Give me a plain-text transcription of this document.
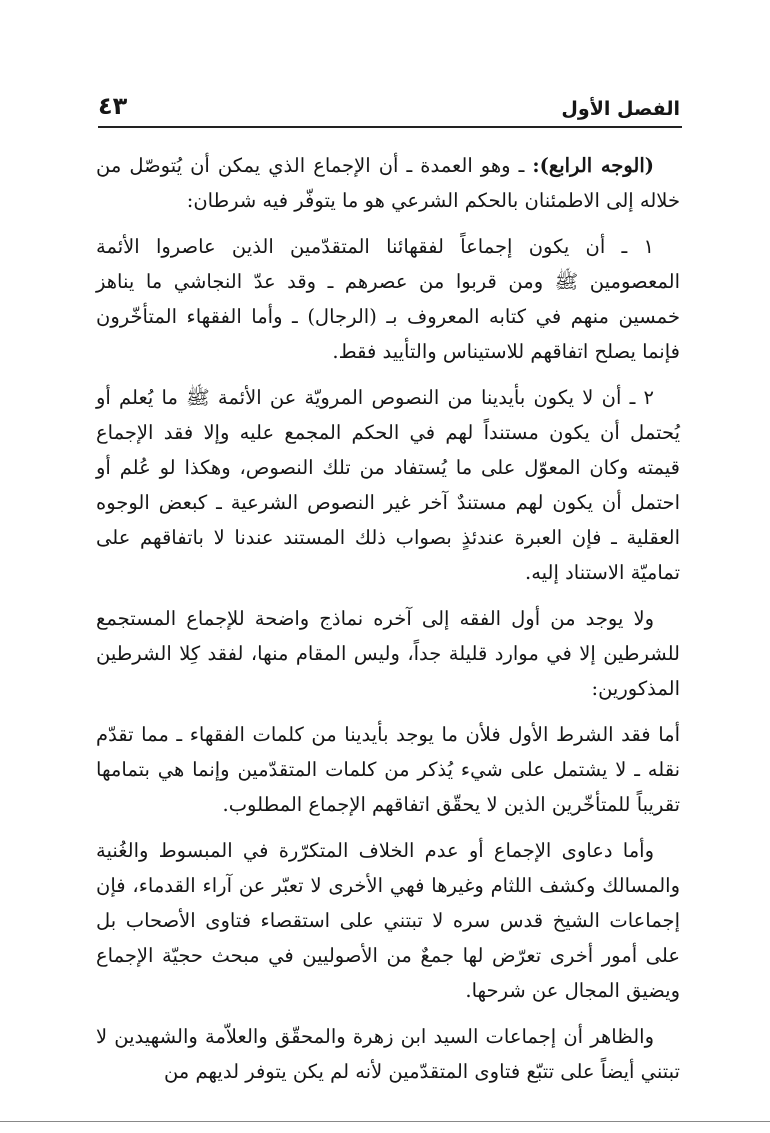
الفصل الأول
٤٣

(الوجه الرابع): ـ وهو العمدة ـ أن الإجماع الذي يمكن أن يُتوصّل من خلاله إلى الاطمئنان بالحكم الشرعي هو ما يتوفّر فيه شرطان:

١ ـ أن يكون إجماعاً لفقهائنا المتقدّمين الذين عاصروا الأئمة المعصومين ﷺ ومن قربوا من عصرهم ـ وقد عدّ النجاشي ما يناهز خمسين منهم في كتابه المعروف بـ (الرجال) ـ وأما الفقهاء المتأخّرون فإنما يصلح اتفاقهم للاستيناس والتأييد فقط.

٢ ـ أن لا يكون بأيدينا من النصوص المرويّة عن الأئمة ﷺ ما يُعلم أو يُحتمل أن يكون مستنداً لهم في الحكم المجمع عليه وإلا فقد الإجماع قيمته وكان المعوّل على ما يُستفاد من تلك النصوص، وهكذا لو عُلم أو احتمل أن يكون لهم مستندٌ آخر غير النصوص الشرعية ـ كبعض الوجوه العقلية ـ فإن العبرة عندئذٍ بصواب ذلك المستند عندنا لا باتفاقهم على تماميّة الاستناد إليه.

ولا يوجد من أول الفقه إلى آخره نماذج واضحة للإجماع المستجمع للشرطين إلا في موارد قليلة جداً، وليس المقام منها، لفقد كِلا الشرطين المذكورين:

أما فقد الشرط الأول فلأن ما يوجد بأيدينا من كلمات الفقهاء ـ مما تقدّم نقله ـ لا يشتمل على شيء يُذكر من كلمات المتقدّمين وإنما هي بتمامها تقريباً للمتأخّرين الذين لا يحقّق اتفاقهم الإجماع المطلوب.

وأما دعاوى الإجماع أو عدم الخلاف المتكرّرة في المبسوط والغُنية والمسالك وكشف اللثام وغيرها فهي الأخرى لا تعبّر عن آراء القدماء، فإن إجماعات الشيخ قدس سره لا تبتني على استقصاء فتاوى الأصحاب بل على أمور أخرى تعرّض لها جمعٌ من الأصوليين في مبحث حجيّة الإجماع ويضيق المجال عن شرحها.

والظاهر أن إجماعات السيد ابن زهرة والمحقّق والعلاّمة والشهيدين لا تبتني أيضاً على تتبّع فتاوى المتقدّمين لأنه لم يكن يتوفر لديهم من
